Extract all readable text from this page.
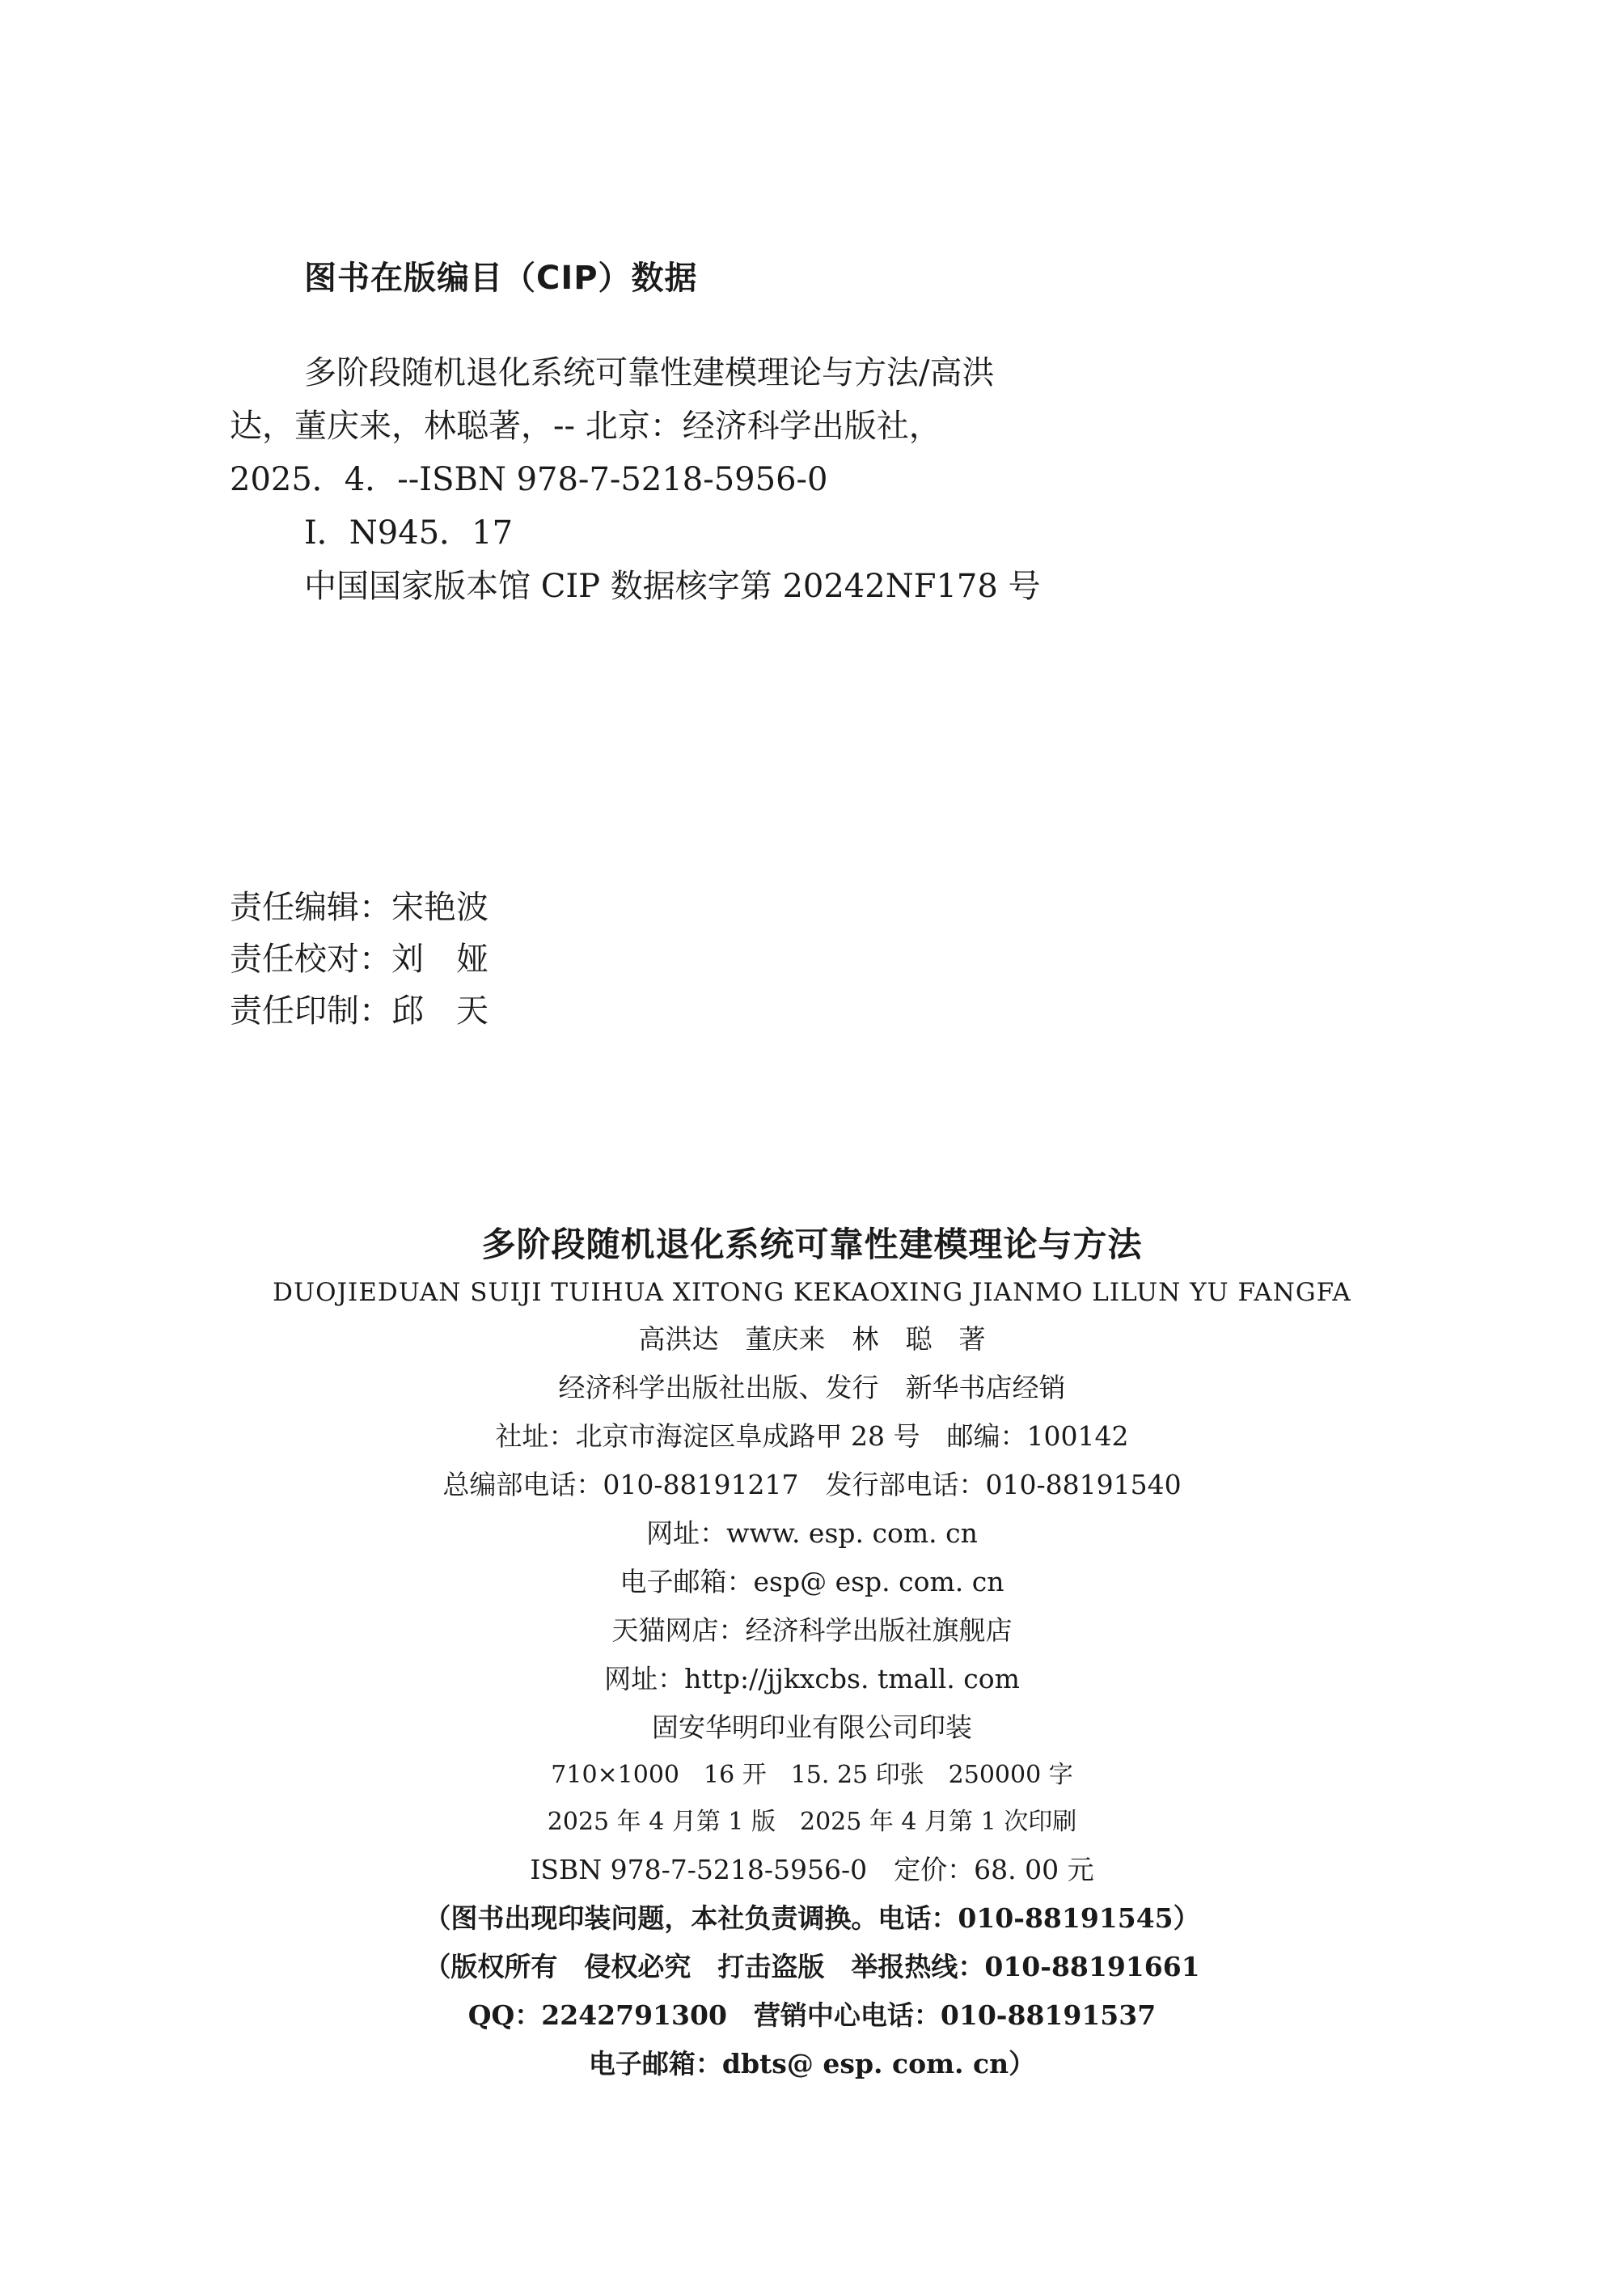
图书在版编目（CIP）数据
多阶段随机退化系统可靠性建模理论与方法/高洪
达，董庆来，林聪著，-- 北京：经济科学出版社，
2025．4．--ISBN 978-7-5218-5956-0
I．N945．17
中国国家版本馆 CIP 数据核字第 20242NF178 号
责任编辑：宋艳波
责任校对：刘　娅
责任印制：邱　天
多阶段随机退化系统可靠性建模理论与方法
DUOJIEDUAN SUIJI TUIHUA XITONG KEKAOXING JIANMO LILUN YU FANGFA
高洪达　董庆来　林　聪　著
经济科学出版社出版、发行　新华书店经销
社址：北京市海淀区阜成路甲 28 号　邮编：100142
总编部电话：010-88191217　发行部电话：010-88191540
网址：www. esp. com. cn
电子邮箱：esp@ esp. com. cn
天猫网店：经济科学出版社旗舰店
网址：http://jjkxcbs. tmall. com
固安华明印业有限公司印装
710×1000　16 开　15. 25 印张　250000 字
2025 年 4 月第 1 版　2025 年 4 月第 1 次印刷
ISBN 978-7-5218-5956-0　定价：68. 00 元
（图书出现印装问题，本社负责调换。电话：010-88191545）
（版权所有　侵权必究　打击盗版　举报热线：010-88191661
QQ：2242791300　营销中心电话：010-88191537
电子邮箱：dbts@ esp. com. cn）
